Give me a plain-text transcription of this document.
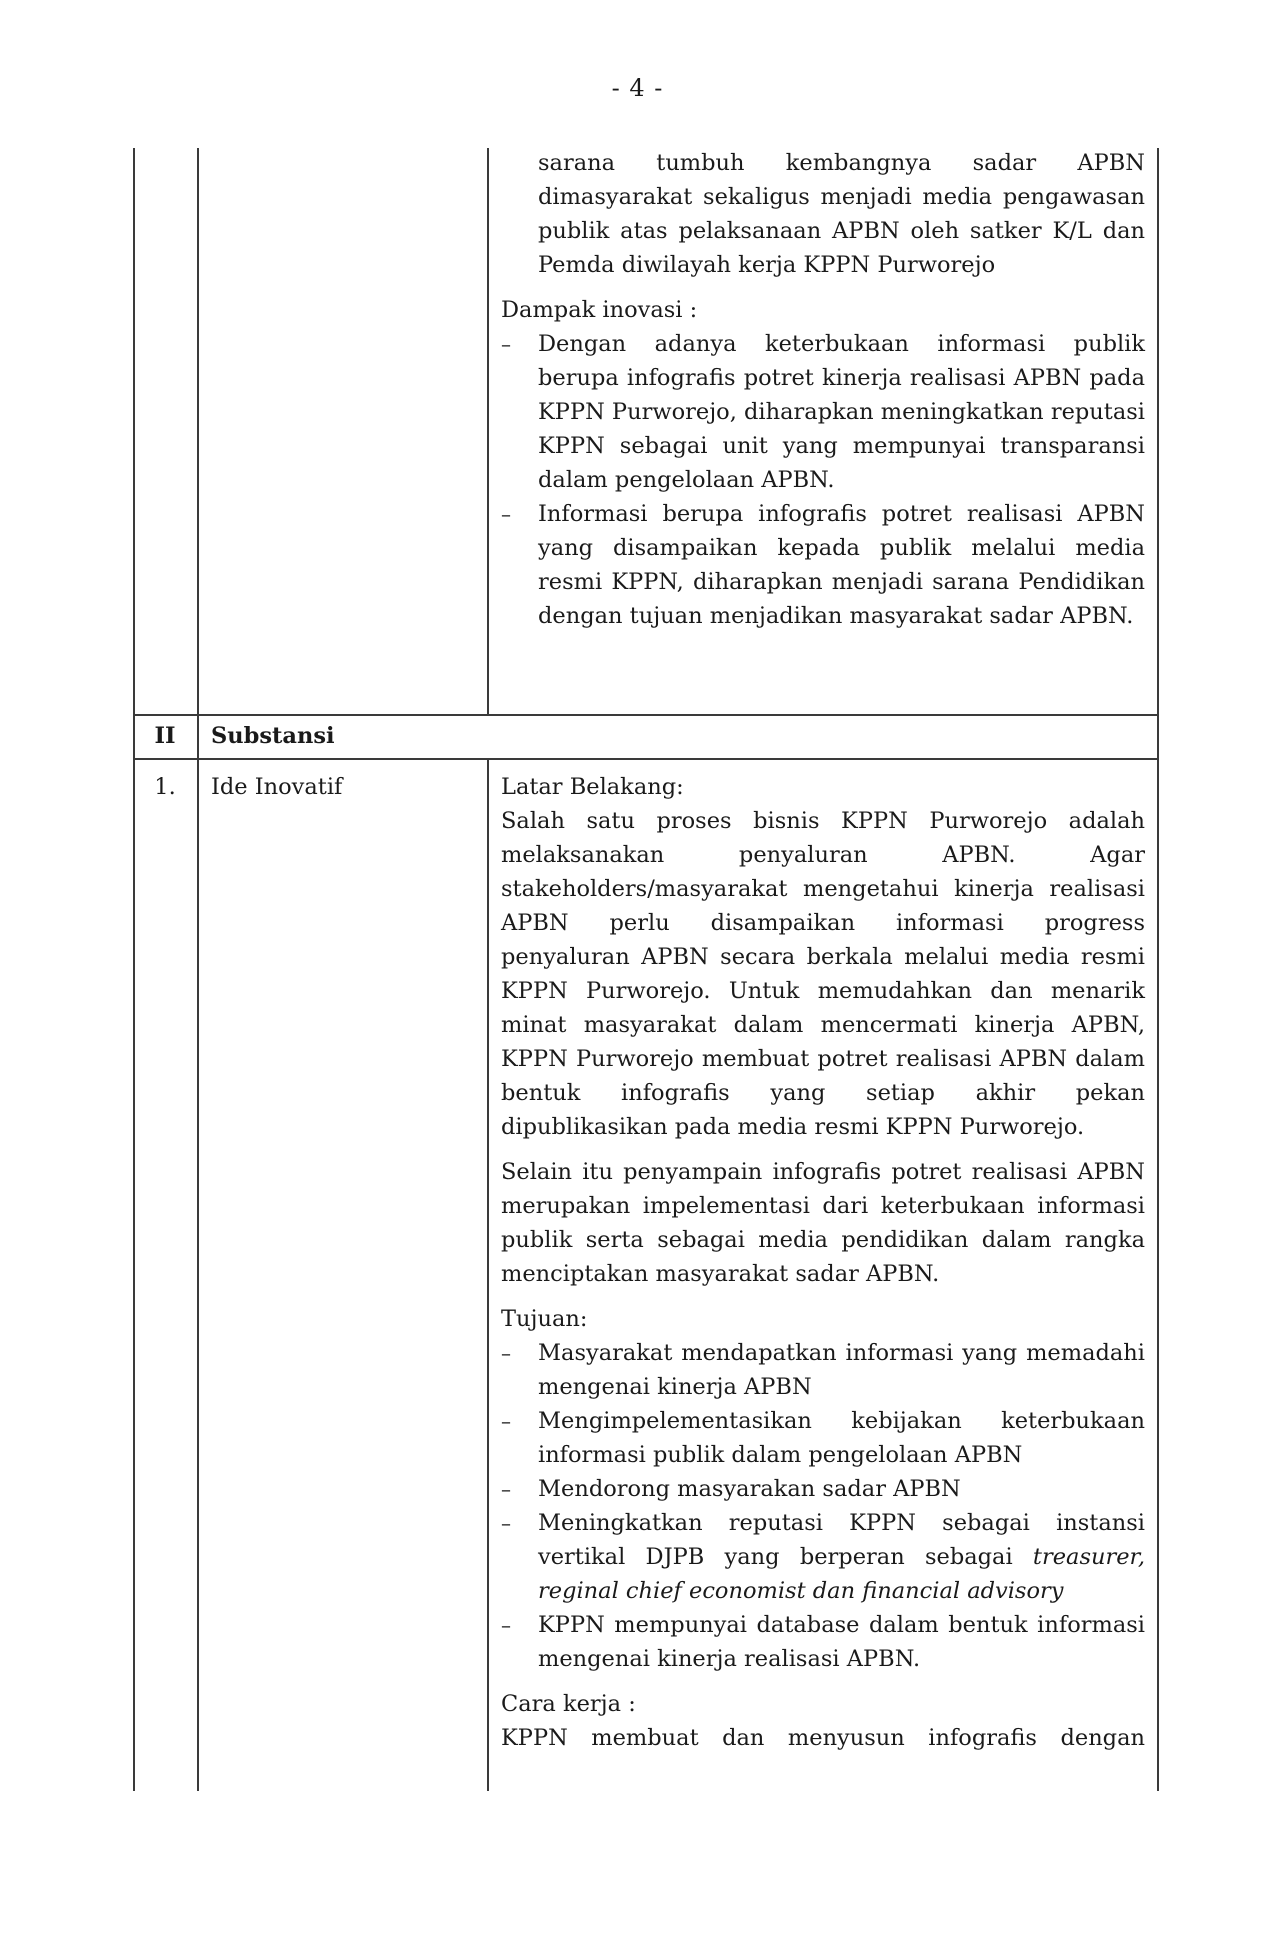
- 4 -

sarana tumbuh kembangnya sadar APBN dimasyarakat sekaligus menjadi media pengawasan publik atas pelaksanaan APBN oleh satker K/L dan Pemda diwilayah kerja KPPN Purworejo

Dampak inovasi :

–	Dengan adanya keterbukaan informasi publik berupa infografis potret kinerja realisasi APBN pada KPPN Purworejo, diharapkan meningkatkan reputasi KPPN sebagai unit yang mempunyai transparansi dalam pengelolaan APBN.

–	Informasi berupa infografis potret realisasi APBN yang disampaikan kepada publik melalui media resmi KPPN, diharapkan menjadi sarana Pendidikan dengan tujuan menjadikan masyarakat sadar APBN.

II	Substansi
1.	Ide Inovatif	Latar Belakang:

Salah satu proses bisnis KPPN Purworejo adalah melaksanakan penyaluran APBN. Agar stakeholders/masyarakat mengetahui kinerja realisasi APBN perlu disampaikan informasi progress penyaluran APBN secara berkala melalui media resmi KPPN Purworejo. Untuk memudahkan dan menarik minat masyarakat dalam mencermati kinerja APBN, KPPN Purworejo membuat potret realisasi APBN dalam bentuk infografis yang setiap akhir pekan dipublikasikan pada media resmi KPPN Purworejo.

Selain itu penyampain infografis potret realisasi APBN merupakan impelementasi dari keterbukaan informasi publik serta sebagai media pendidikan dalam rangka menciptakan masyarakat sadar APBN.

Tujuan:

–	Masyarakat mendapatkan informasi yang memadahi mengenai kinerja APBN

–	Mengimpelementasikan kebijakan keterbukaan informasi publik dalam pengelolaan APBN

–	Mendorong masyarakan sadar APBN

–	Meningkatkan reputasi KPPN sebagai instansi vertikal DJPB yang berperan sebagai treasurer, reginal chief economist dan financial advisory

–	KPPN mempunyai database dalam bentuk informasi mengenai kinerja realisasi APBN.

Cara kerja :

KPPN membuat dan menyusun infografis dengan
